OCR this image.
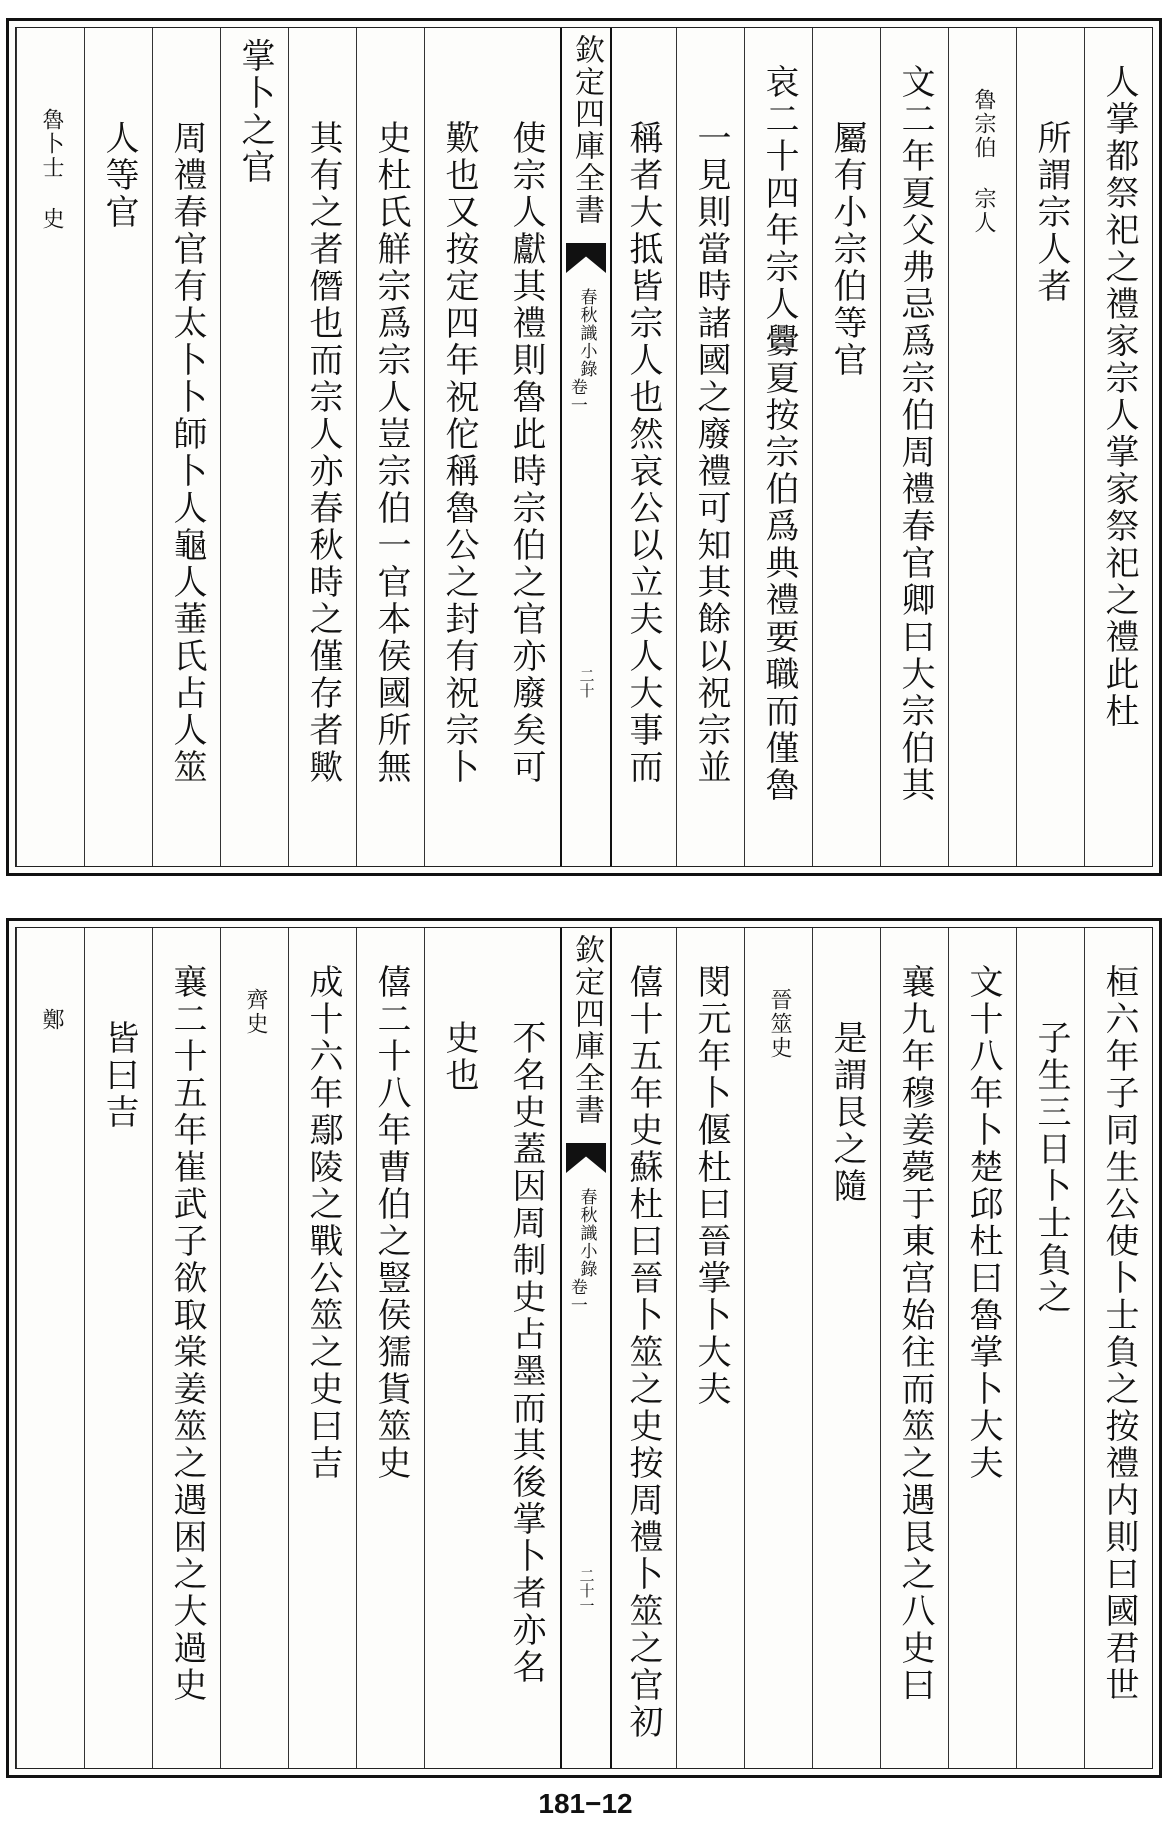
人掌都祭祀之禮家宗人掌家祭祀之禮此杜
所謂宗人者
魯宗伯 宗人
文二年夏父弗忌爲宗伯周禮春官卿曰大宗伯其
屬有小宗伯等官
哀二十四年宗人釁夏按宗伯爲典禮要職而僅魯
一見則當時諸國之廢禮可知其餘以祝宗並
稱者大抵皆宗人也然哀公以立夫人大事而
欽定四庫全書
春秋識小錄
卷一
二十
使宗人獻其禮則魯此時宗伯之官亦廢矣可
歎也又按定四年祝佗稱魯公之封有祝宗卜
史杜氏觧宗爲宗人豈宗伯一官本侯國所無
其有之者僭也而宗人亦春秋時之僅存者歟
掌卜之官
周禮春官有太卜卜師卜人龜人菙氏占人筮
人等官
魯卜士 史
桓六年子同生公使卜士負之按禮内則曰國君世
子生三日卜士負之
文十八年卜楚邱杜曰魯掌卜大夫
襄九年穆姜薨于東宫始往而筮之遇艮之八史曰
是謂艮之隨
晉筮史
閔元年卜偃杜曰晉掌卜大夫
僖十五年史蘇杜曰晉卜筮之史按周禮卜筮之官初
欽定四庫全書
春秋識小錄
卷一
二十一
不名史蓋因周制史占墨而其後掌卜者亦名
史也
僖二十八年曹伯之豎侯獳貨筮史
成十六年鄢陵之戰公筮之史曰吉
齊史
襄二十五年崔武子欲取棠姜筮之遇困之大過史
皆曰吉
鄭
181−12
